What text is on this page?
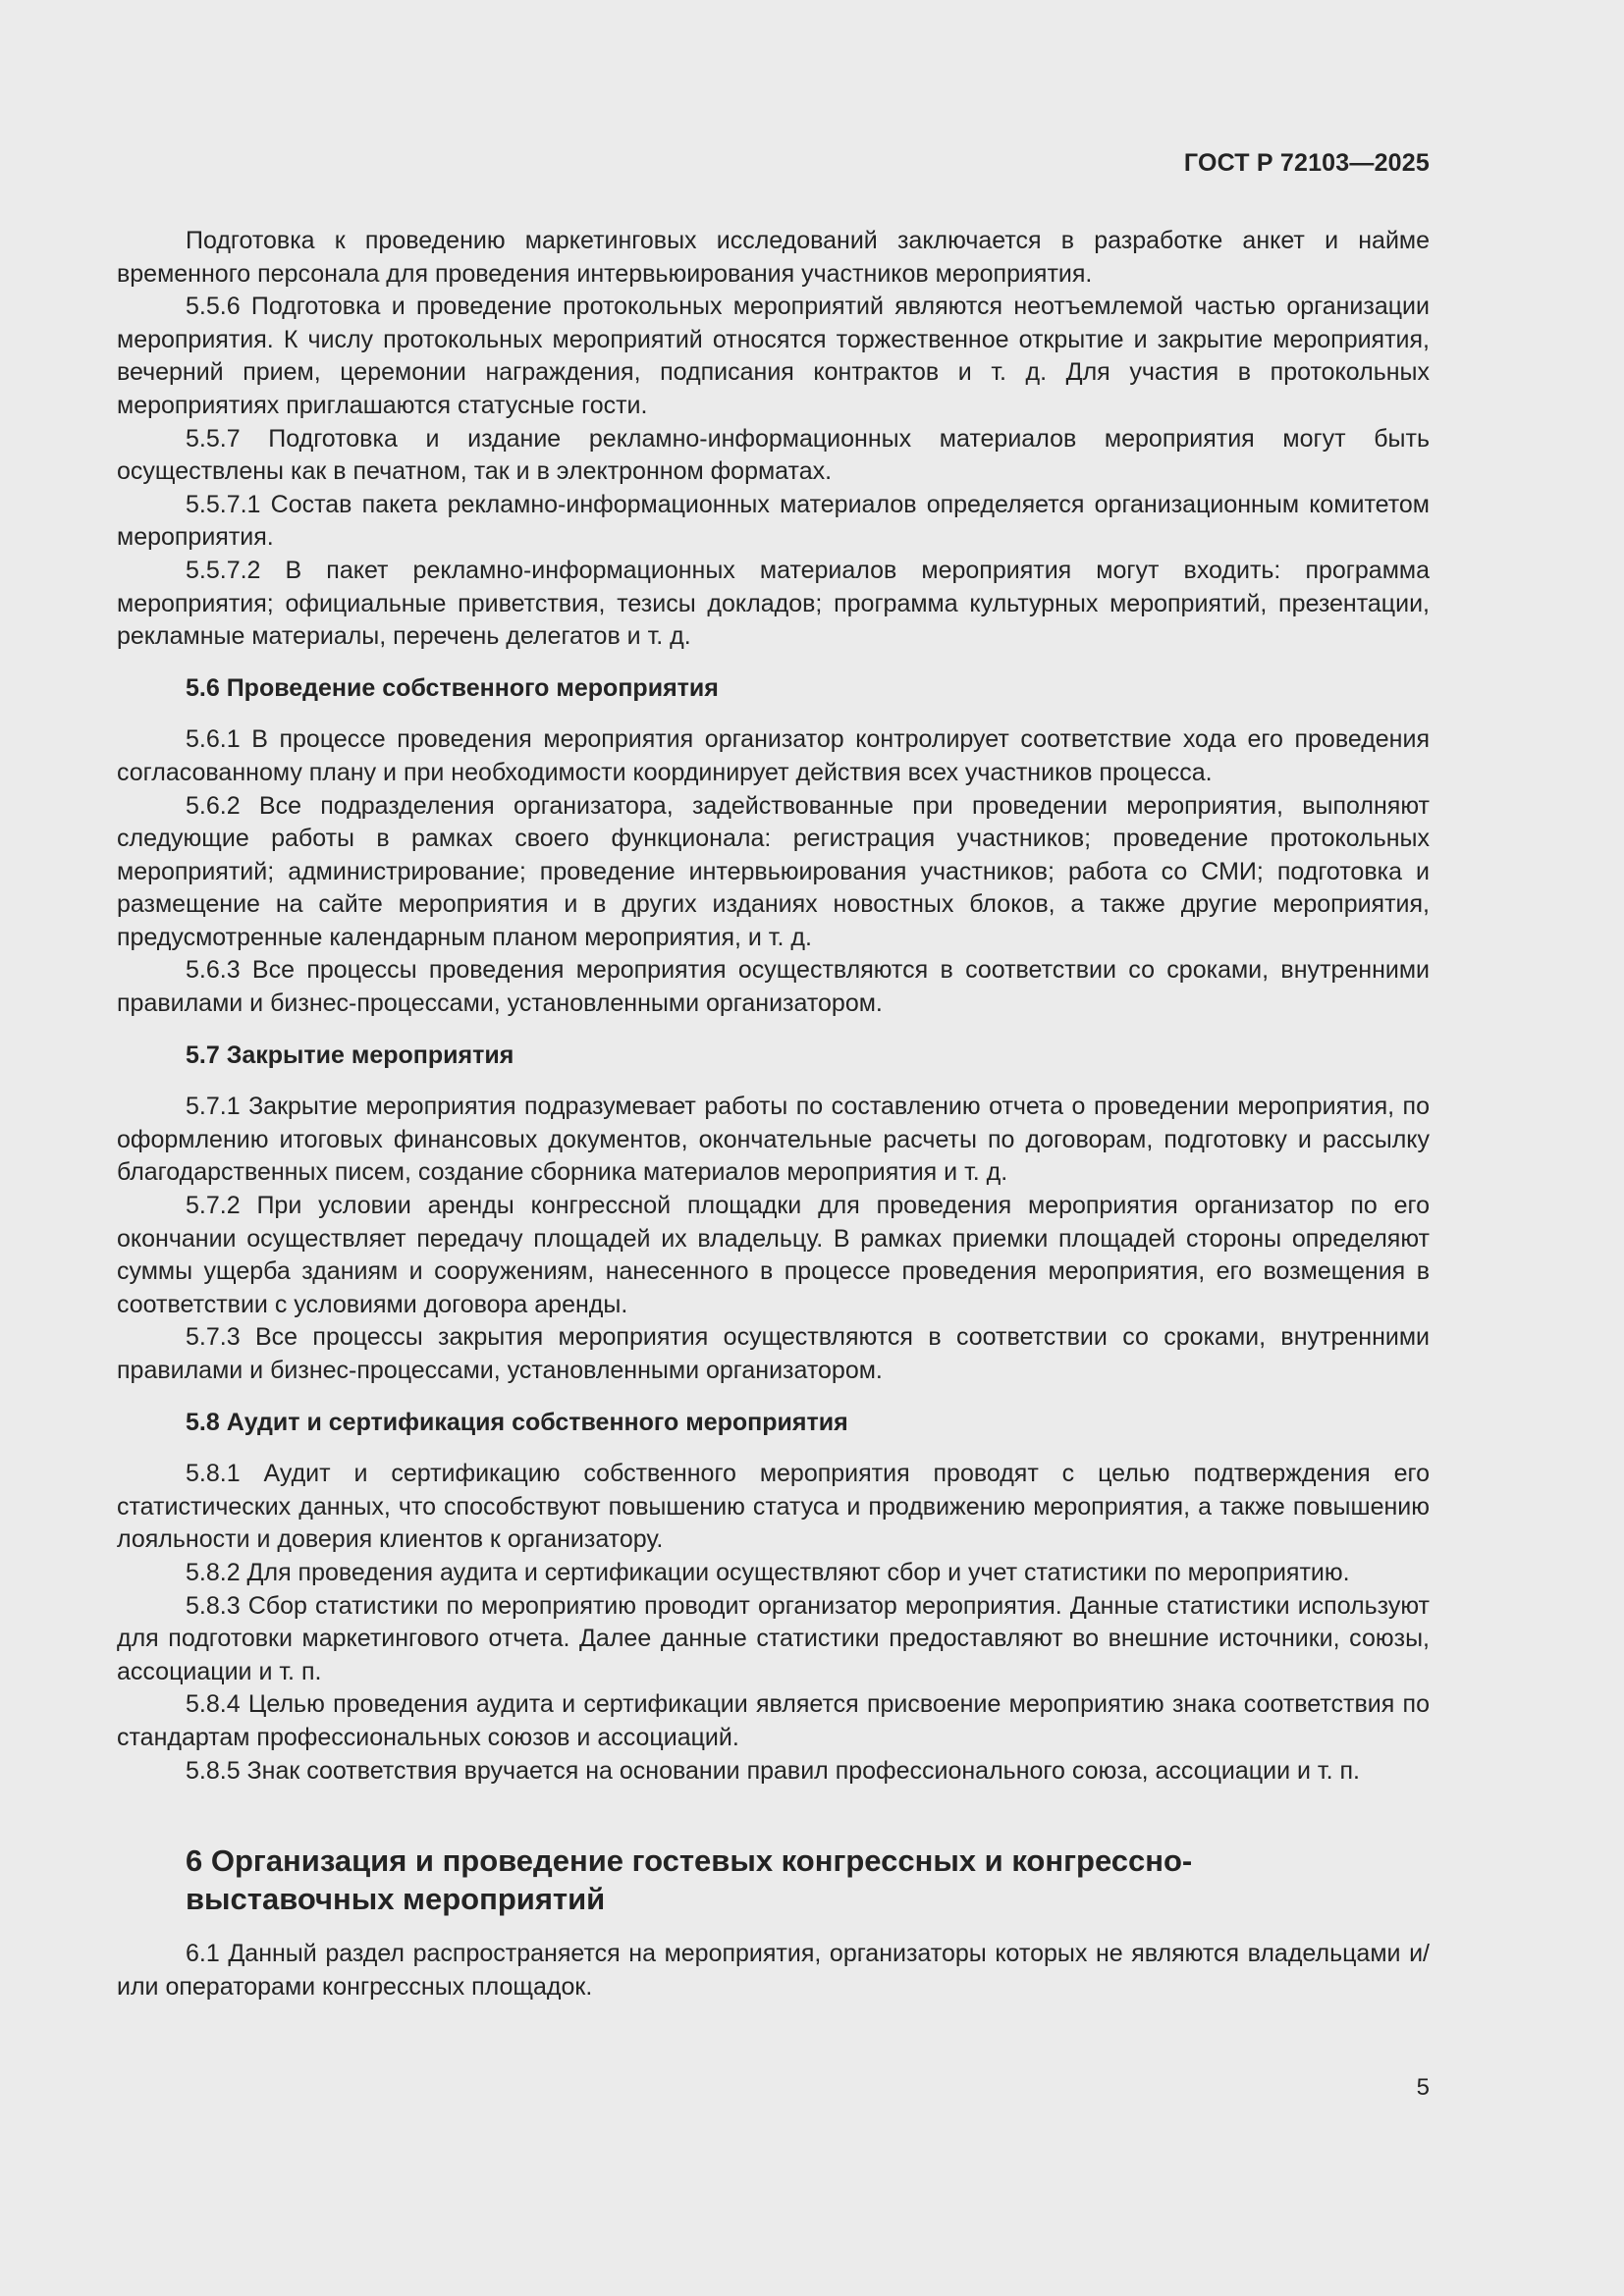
ГОСТ Р 72103—2025

Подготовка к проведению маркетинговых исследований заключается в разработке анкет и найме временного персонала для проведения интервьюирования участников мероприятия.

5.5.6 Подготовка и проведение протокольных мероприятий являются неотъемлемой частью организации мероприятия. К числу протокольных мероприятий относятся торжественное открытие и закрытие мероприятия, вечерний прием, церемонии награждения, подписания контрактов и т. д. Для участия в протокольных мероприятиях приглашаются статусные гости.

5.5.7 Подготовка и издание рекламно-информационных материалов мероприятия могут быть осуществлены как в печатном, так и в электронном форматах.

5.5.7.1 Состав пакета рекламно-информационных материалов определяется организационным комитетом мероприятия.

5.5.7.2 В пакет рекламно-информационных материалов мероприятия могут входить: программа мероприятия; официальные приветствия, тезисы докладов; программа культурных мероприятий, презентации, рекламные материалы, перечень делегатов и т. д.

5.6 Проведение собственного мероприятия

5.6.1 В процессе проведения мероприятия организатор контролирует соответствие хода его проведения согласованному плану и при необходимости координирует действия всех участников процесса.

5.6.2 Все подразделения организатора, задействованные при проведении мероприятия, выполняют следующие работы в рамках своего функционала: регистрация участников; проведение протокольных мероприятий; администрирование; проведение интервьюирования участников; работа со СМИ; подготовка и размещение на сайте мероприятия и в других изданиях новостных блоков, а также другие мероприятия, предусмотренные календарным планом мероприятия, и т. д.

5.6.3 Все процессы проведения мероприятия осуществляются в соответствии со сроками, внутренними правилами и бизнес-процессами, установленными организатором.

5.7 Закрытие мероприятия

5.7.1 Закрытие мероприятия подразумевает работы по составлению отчета о проведении мероприятия, по оформлению итоговых финансовых документов, окончательные расчеты по договорам, подготовку и рассылку благодарственных писем, создание сборника материалов мероприятия и т. д.

5.7.2 При условии аренды конгрессной площадки для проведения мероприятия организатор по его окончании осуществляет передачу площадей их владельцу. В рамках приемки площадей стороны определяют суммы ущерба зданиям и сооружениям, нанесенного в процессе проведения мероприятия, его возмещения в соответствии с условиями договора аренды.

5.7.3 Все процессы закрытия мероприятия осуществляются в соответствии со сроками, внутренними правилами и бизнес-процессами, установленными организатором.

5.8 Аудит и сертификация собственного мероприятия

5.8.1 Аудит и сертификацию собственного мероприятия проводят с целью подтверждения его статистических данных, что способствуют повышению статуса и продвижению мероприятия, а также повышению лояльности и доверия клиентов к организатору.

5.8.2 Для проведения аудита и сертификации осуществляют сбор и учет статистики по мероприятию.

5.8.3 Сбор статистики по мероприятию проводит организатор мероприятия. Данные статистики используют для подготовки маркетингового отчета. Далее данные статистики предоставляют во внешние источники, союзы, ассоциации и т. п.

5.8.4 Целью проведения аудита и сертификации является присвоение мероприятию знака соответствия по стандартам профессиональных союзов и ассоциаций.

5.8.5 Знак соответствия вручается на основании правил профессионального союза, ассоциации и т. п.

6 Организация и проведение гостевых конгрессных и конгрессно-выставочных мероприятий

6.1 Данный раздел распространяется на мероприятия, организаторы которых не являются владельцами и/или операторами конгрессных площадок.

5
